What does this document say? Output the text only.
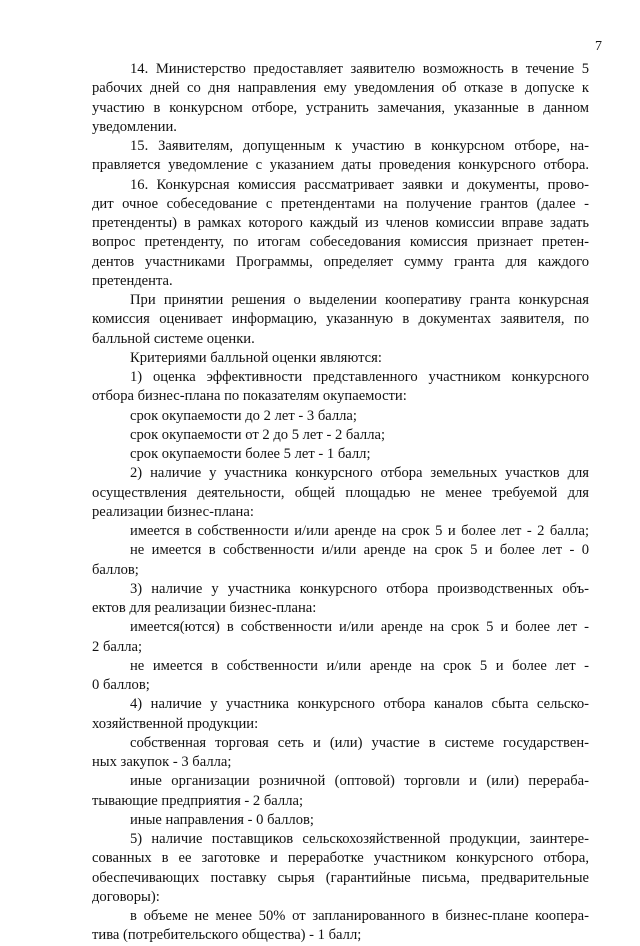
7
14. Министерство предоставляет заявителю возможность в течение 5
рабочих дней со дня направления ему уведомления об отказе в допуске к
участию в конкурсном отборе, устранить замечания, указанные в данном
уведомлении.
15. Заявителям, допущенным к участию в конкурсном отборе, на-
правляется уведомление с указанием даты проведения конкурсного отбора.
16. Конкурсная комиссия рассматривает заявки и документы, прово-
дит очное собеседование с претендентами на получение грантов (далее -
претенденты) в рамках которого каждый из членов комиссии вправе задать
вопрос претенденту, по итогам собеседования комиссия признает претен-
дентов участниками Программы, определяет сумму гранта для каждого
претендента.
При принятии решения о выделении кооперативу гранта конкурсная
комиссия оценивает информацию, указанную в документах заявителя, по
балльной системе оценки.
Критериями балльной оценки являются:
1) оценка эффективности представленного участником конкурсного
отбора бизнес-плана по показателям окупаемости:
срок окупаемости до 2 лет - 3 балла;
срок окупаемости от 2 до 5 лет - 2 балла;
срок окупаемости более 5 лет - 1 балл;
2) наличие у участника конкурсного отбора земельных участков для
осуществления деятельности, общей площадью не менее требуемой для
реализации бизнес-плана:
имеется в собственности и/или аренде на срок 5 и более лет - 2 балла;
не имеется в собственности и/или аренде на срок 5 и более лет - 0
баллов;
3) наличие у участника конкурсного отбора производственных объ-
ектов для реализации бизнес-плана:
имеется(ются) в собственности и/или аренде на срок 5 и более лет -
2 балла;
не имеется в собственности и/или аренде на срок 5 и более лет -
0 баллов;
4) наличие у участника конкурсного отбора каналов сбыта сельско-
хозяйственной продукции:
собственная торговая сеть и (или) участие в системе государствен-
ных закупок - 3 балла;
иные организации розничной (оптовой) торговли и (или) перераба-
тывающие предприятия - 2 балла;
иные направления - 0 баллов;
5) наличие поставщиков сельскохозяйственной продукции, заинтере-
сованных в ее заготовке и переработке участником конкурсного отбора,
обеспечивающих поставку сырья (гарантийные письма, предварительные
договоры):
в объеме не менее 50% от запланированного в бизнес-плане коопера-
тива (потребительского общества) - 1 балл;
